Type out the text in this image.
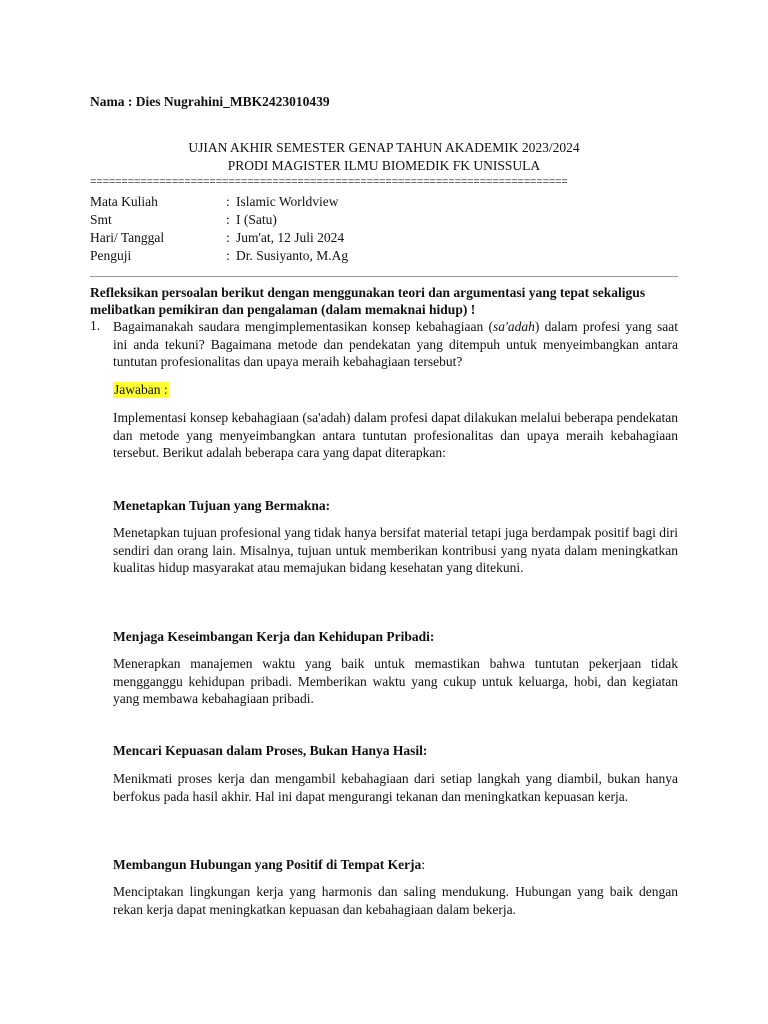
Nama : Dies Nugrahini_MBK2423010439
UJIAN AKHIR SEMESTER GENAP TAHUN AKADEMIK 2023/2024
PRODI MAGISTER ILMU BIOMEDIK FK UNISSULA
============================================================================
Mata Kuliah	: Islamic Worldview
Smt	: I (Satu)
Hari/ Tanggal	: Jum'at, 12 Juli 2024
Penguji	: Dr. Susiyanto, M.Ag
Refleksikan persoalan berikut dengan menggunakan teori dan argumentasi yang tepat sekaligus melibatkan pemikiran dan pengalaman (dalam memaknai hidup) !
1. Bagaimanakah saudara mengimplementasikan konsep kebahagiaan (sa'adah) dalam profesi yang saat ini anda tekuni? Bagaimana metode dan pendekatan yang ditempuh untuk menyeimbangkan antara tuntutan profesionalitas dan upaya meraih kebahagiaan tersebut?
Jawaban :
Implementasi konsep kebahagiaan (sa'adah) dalam profesi dapat dilakukan melalui beberapa pendekatan dan metode yang menyeimbangkan antara tuntutan profesionalitas dan upaya meraih kebahagiaan tersebut. Berikut adalah beberapa cara yang dapat diterapkan:
Menetapkan Tujuan yang Bermakna:
Menetapkan tujuan profesional yang tidak hanya bersifat material tetapi juga berdampak positif bagi diri sendiri dan orang lain. Misalnya, tujuan untuk memberikan kontribusi yang nyata dalam meningkatkan kualitas hidup masyarakat atau memajukan bidang kesehatan yang ditekuni.
Menjaga Keseimbangan Kerja dan Kehidupan Pribadi:
Menerapkan manajemen waktu yang baik untuk memastikan bahwa tuntutan pekerjaan tidak mengganggu kehidupan pribadi. Memberikan waktu yang cukup untuk keluarga, hobi, dan kegiatan yang membawa kebahagiaan pribadi.
Mencari Kepuasan dalam Proses, Bukan Hanya Hasil:
Menikmati proses kerja dan mengambil kebahagiaan dari setiap langkah yang diambil, bukan hanya berfokus pada hasil akhir. Hal ini dapat mengurangi tekanan dan meningkatkan kepuasan kerja.
Membangun Hubungan yang Positif di Tempat Kerja:
Menciptakan lingkungan kerja yang harmonis dan saling mendukung. Hubungan yang baik dengan rekan kerja dapat meningkatkan kepuasan dan kebahagiaan dalam bekerja.
